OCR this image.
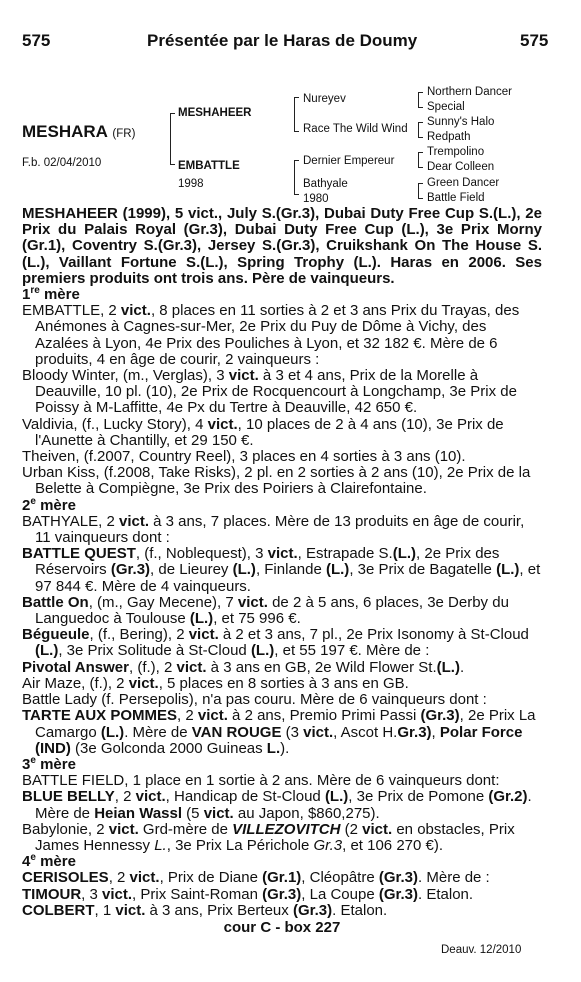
575	Présentée par le Haras de Doumy	575
MESHARA (FR)
F.b. 02/04/2010
MESHAHEER
EMBATTLE
1998
Nureyev
Race The Wild Wind
Dernier Empereur
Bathyale
1980
Northern Dancer
Special
Sunny's Halo
Redpath
Trempolino
Dear Colleen
Green Dancer
Battle Field

MESHAHEER (1999), 5 vict., July S.(Gr.3), Dubai Duty Free Cup S.(L.), 2e Prix du Palais Royal (Gr.3), Dubai Duty Free Cup (L.), 3e Prix Morny (Gr.1), Coventry S.(Gr.3), Jersey S.(Gr.3), Cruikshank On The House S.(L.), Vaillant Fortune S.(L.), Spring Trophy (L.). Haras en 2006. Ses premiers produits ont trois ans. Père de vainqueurs.

1re mère

EMBATTLE, 2 vict., 8 places en 11 sorties à 2 et 3 ans Prix du Trayas, des Anémones à Cagnes-sur-Mer, 2e Prix du Puy de Dôme à Vichy, des Azalées à Lyon, 4e Prix des Pouliches à Lyon, et 32 182 €. Mère de 6 produits, 4 en âge de courir, 2 vainqueurs :

Bloody Winter, (m., Verglas), 3 vict. à 3 et 4 ans, Prix de la Morelle à Deauville, 10 pl. (10), 2e Prix de Rocquencourt à Longchamp, 3e Prix de Poissy à M-Laffitte, 4e Px du Tertre à Deauville, 42 650 €.

Valdivia, (f., Lucky Story), 4 vict., 10 places de 2 à 4 ans (10), 3e Prix de l'Aunette à Chantilly, et 29 150 €.

Theiven, (f.2007, Country Reel), 3 places en 4 sorties à 3 ans (10).

Urban Kiss, (f.2008, Take Risks), 2 pl. en 2 sorties à 2 ans (10), 2e Prix de la Belette à Compiègne, 3e Prix des Poiriers à Clairefontaine.

2e mère

BATHYALE, 2 vict. à 3 ans, 7 places. Mère de 13 produits en âge de courir, 11 vainqueurs dont :

BATTLE QUEST, (f., Noblequest), 3 vict., Estrapade S.(L.), 2e Prix des Réservoirs (Gr.3), de Lieurey (L.), Finlande (L.), 3e Prix de Bagatelle (L.), et 97 844 €. Mère de 4 vainqueurs.

Battle On, (m., Gay Mecene), 7 vict. de 2 à 5 ans, 6 places, 3e Derby du Languedoc à Toulouse (L.), et 75 996 €.

Bégueule, (f., Bering), 2 vict. à 2 et 3 ans, 7 pl., 2e Prix Isonomy à St-Cloud (L.), 3e Prix Solitude à St-Cloud (L.), et 55 197 €. Mère de :

Pivotal Answer, (f.), 2 vict. à 3 ans en GB, 2e Wild Flower St.(L.).

Air Maze, (f.), 2 vict., 5 places en 8 sorties à 3 ans en GB.

Battle Lady (f. Persepolis), n'a pas couru. Mère de 6 vainqueurs dont :

TARTE AUX POMMES, 2 vict. à 2 ans, Premio Primi Passi (Gr.3), 2e Prix La Camargo (L.). Mère de VAN ROUGE (3 vict., Ascot H.Gr.3), Polar Force (IND) (3e Golconda 2000 Guineas L.).

3e mère

BATTLE FIELD, 1 place en 1 sortie à 2 ans. Mère de 6 vainqueurs dont:

BLUE BELLY, 2 vict., Handicap de St-Cloud (L.), 3e Prix de Pomone (Gr.2). Mère de Heian Wassl (5 vict. au Japon, $860,275).

Babylonie, 2 vict. Grd-mère de VILLEZOVITCH (2 vict. en obstacles, Prix James Hennessy L., 3e Prix La Périchole Gr.3, et 106 270 €).

4e mère

CERISOLES, 2 vict., Prix de Diane (Gr.1), Cléopâtre (Gr.3). Mère de :

TIMOUR, 3 vict., Prix Saint-Roman (Gr.3), La Coupe (Gr.3). Etalon.

COLBERT, 1 vict. à 3 ans, Prix Berteux (Gr.3). Etalon.

cour C - box 227

Deauv. 12/2010
